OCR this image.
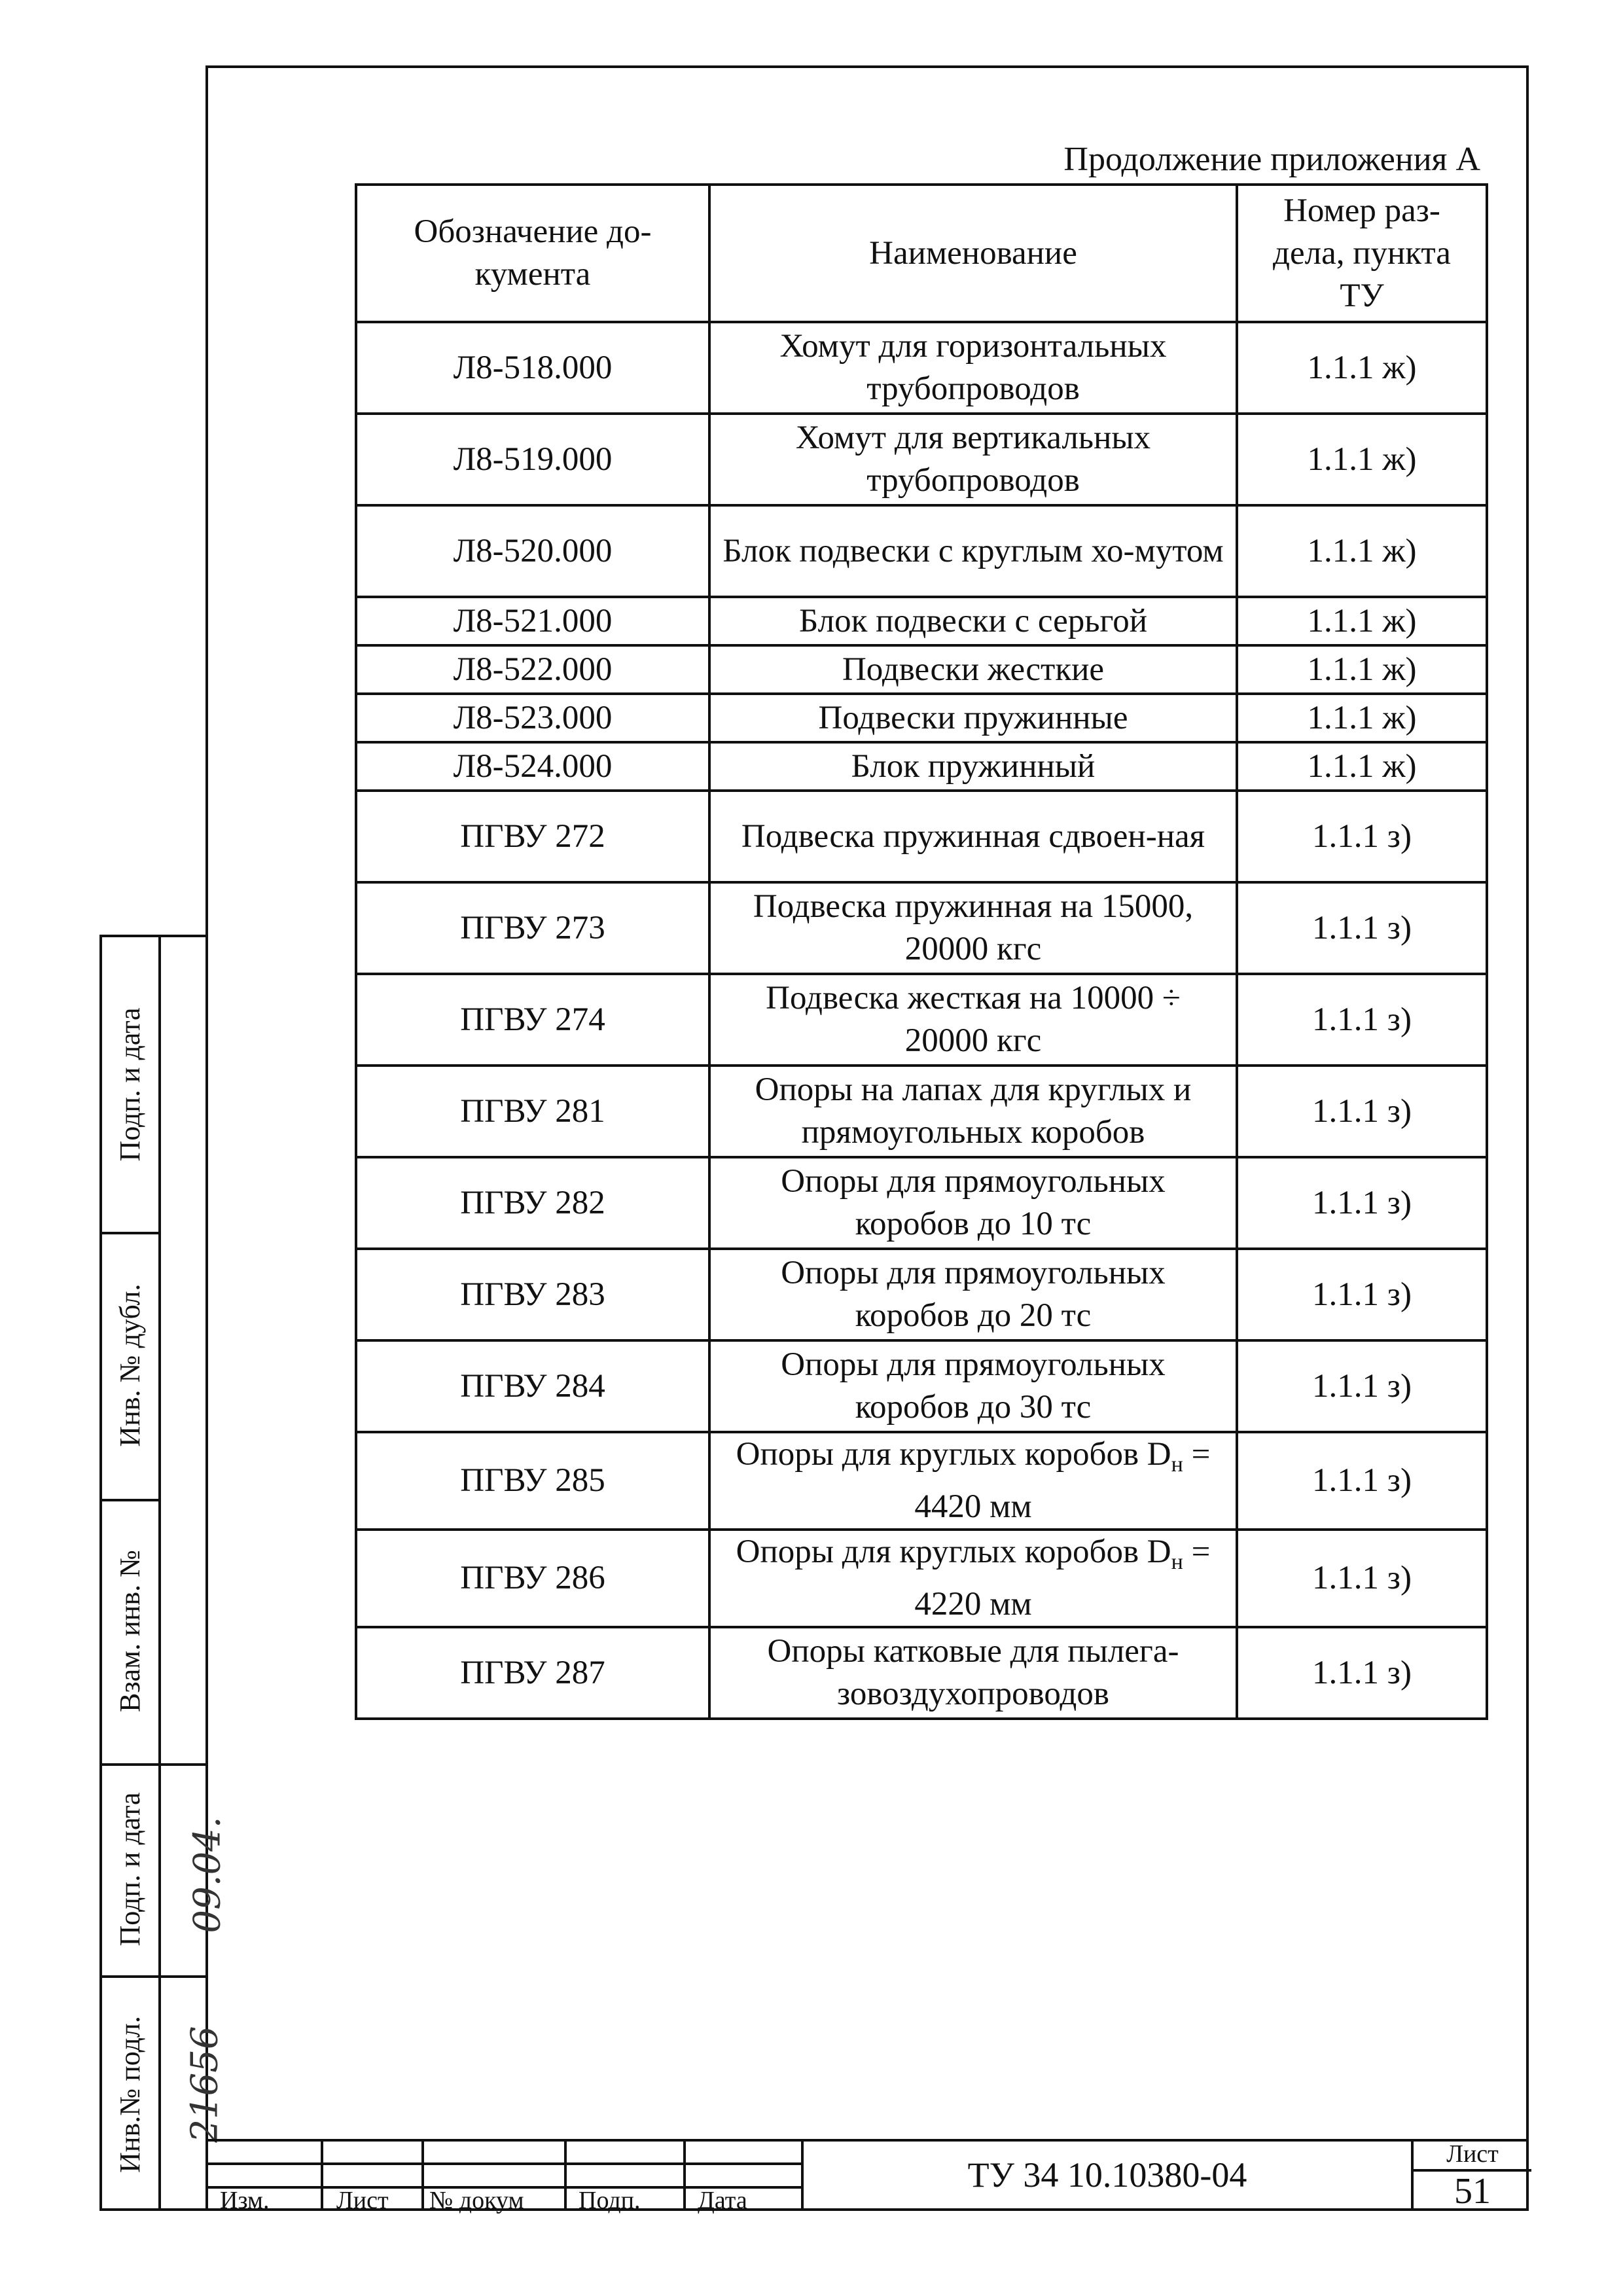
Продолжение приложения А
Обозначение до-кумента	Наименование	Номер раз-дела, пункта ТУ
Л8-518.000	Хомут для горизонтальных трубопроводов	1.1.1 ж)
Л8-519.000	Хомут для вертикальных трубопроводов	1.1.1 ж)
Л8-520.000	Блок подвески с круглым хо-мутом	1.1.1 ж)
Л8-521.000	Блок подвески с серьгой	1.1.1 ж)
Л8-522.000	Подвески жесткие	1.1.1 ж)
Л8-523.000	Подвески пружинные	1.1.1 ж)
Л8-524.000	Блок пружинный	1.1.1 ж)
ПГВУ 272	Подвеска пружинная сдвоен-ная	1.1.1 з)
ПГВУ 273	Подвеска пружинная на 15000, 20000 кгс	1.1.1 з)
ПГВУ 274	Подвеска жесткая на 10000 ÷ 20000 кгс	1.1.1 з)
ПГВУ 281	Опоры на лапах для круглых и прямоугольных коробов	1.1.1 з)
ПГВУ 282	Опоры для прямоугольных коробов до 10 тс	1.1.1 з)
ПГВУ 283	Опоры для прямоугольных коробов до 20 тс	1.1.1 з)
ПГВУ 284	Опоры для прямоугольных коробов до 30 тс	1.1.1 з)
ПГВУ 285	Опоры для круглых коробов $D_н = 4420$ мм	1.1.1 з)
ПГВУ 286	Опоры для круглых коробов $D_н = 4220$ мм	1.1.1 з)
ПГВУ 287	Опоры катковые для пылега-зовоздухопроводов	1.1.1 з)
Подп. и дата
Инв. № дубл.
Взам. инв. №
Подп. и дата
Инв.№ подл.
09.04.
21656
Изм.	Лист № докум Подп. Дата
ТУ 34 10.10380-04
Лист
51
